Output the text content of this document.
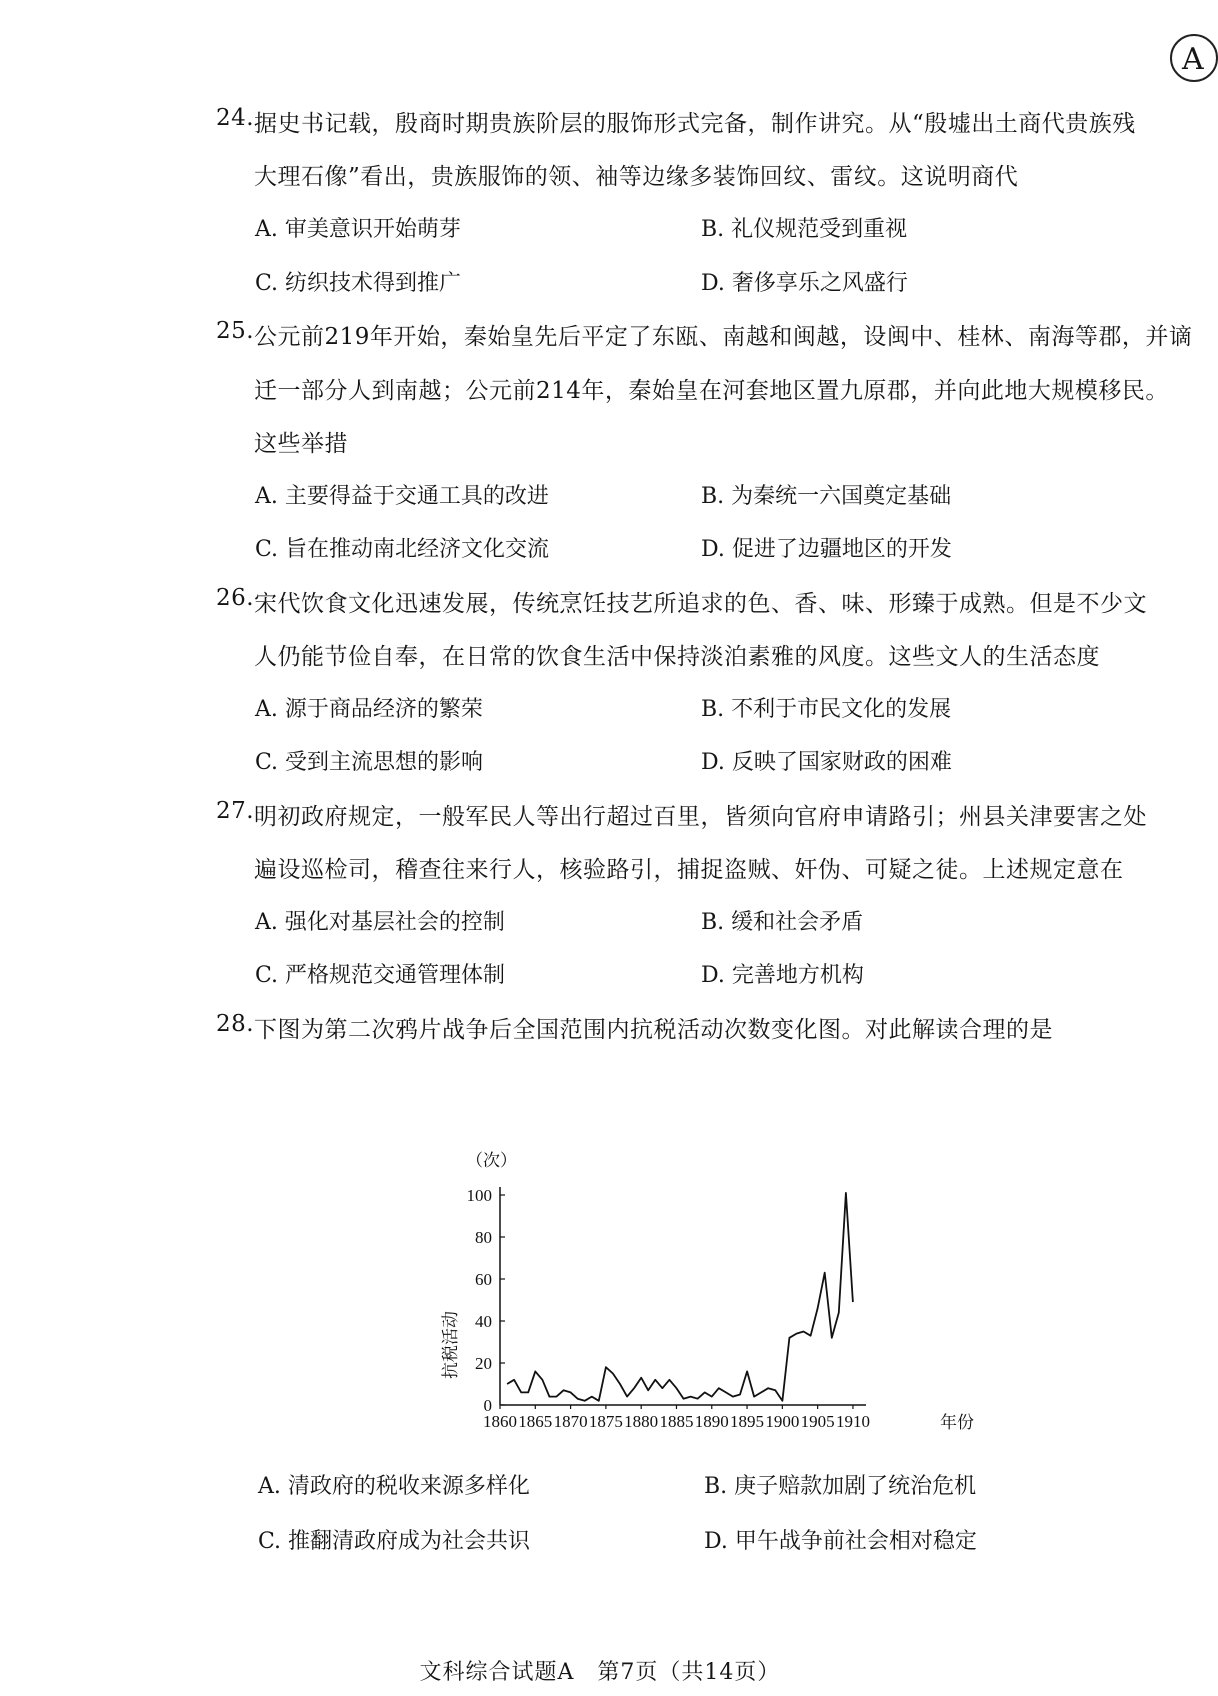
A
24. 据史书记载，殷商时期贵族阶层的服饰形式完备，制作讲究。从“殷墟出土商代贵族残
大理石像”看出，贵族服饰的领、袖等边缘多装饰回纹、雷纹。这说明商代
A. 审美意识开始萌芽	B. 礼仪规范受到重视
C. 纺织技术得到推广	D. 奢侈享乐之风盛行
25. 公元前219年开始，秦始皇先后平定了东瓯、南越和闽越，设闽中、桂林、南海等郡，并谪
迁一部分人到南越；公元前214年，秦始皇在河套地区置九原郡，并向此地大规模移民。
这些举措
A. 主要得益于交通工具的改进	B. 为秦统一六国奠定基础
C. 旨在推动南北经济文化交流	D. 促进了边疆地区的开发
26. 宋代饮食文化迅速发展，传统烹饪技艺所追求的色、香、味、形臻于成熟。但是不少文
人仍能节俭自奉，在日常的饮食生活中保持淡泊素雅的风度。这些文人的生活态度
A. 源于商品经济的繁荣	B. 不利于市民文化的发展
C. 受到主流思想的影响	D. 反映了国家财政的困难
27. 明初政府规定，一般军民人等出行超过百里，皆须向官府申请路引；州县关津要害之处
遍设巡检司，稽查往来行人，核验路引，捕捉盗贼、奸伪、可疑之徒。上述规定意在
A. 强化对基层社会的控制	B. 缓和社会矛盾
C. 严格规范交通管理体制	D. 完善地方机构
28. 下图为第二次鸦片战争后全国范围内抗税活动次数变化图。对此解读合理的是
（次）
抗税活动
年份
0
20
40
60
80
100
1860 1865 1870 1875 1880 1885 1890 1895 1900 1905 1910
A. 清政府的税收来源多样化	B. 庚子赔款加剧了统治危机
C. 推翻清政府成为社会共识	D. 甲午战争前社会相对稳定
文科综合试题A　第7页（共14页）
